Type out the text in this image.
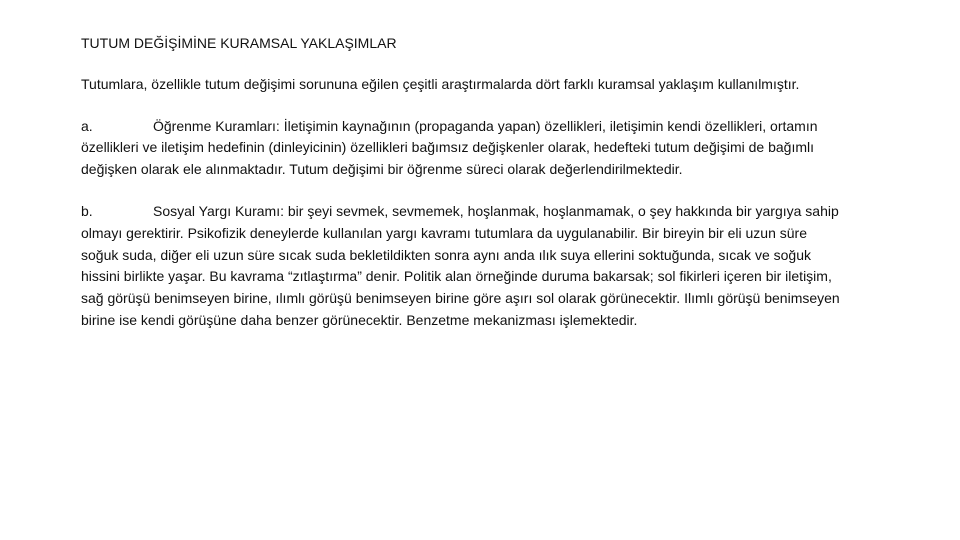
TUTUM DEĞİŞİMİNE KURAMSAL YAKLAŞIMLAR

Tutumlara, özellikle tutum değişimi sorununa eğilen çeşitli araştırmalarda dört farklı kuramsal yaklaşım kullanılmıştır.

a.	Öğrenme Kuramları: İletişimin kaynağının (propaganda yapan) özellikleri, iletişimin kendi özellikleri, ortamın özellikleri ve iletişim hedefinin (dinleyicinin) özellikleri bağımsız değişkenler olarak, hedefteki tutum değişimi de bağımlı değişken olarak ele alınmaktadır. Tutum değişimi bir öğrenme süreci olarak değerlendirilmektedir.

b.	Sosyal Yargı Kuramı: bir şeyi sevmek, sevmemek, hoşlanmak, hoşlanmamak, o şey hakkında bir yargıya sahip olmayı gerektirir. Psikofizik deneylerde kullanılan yargı kavramı tutumlara da uygulanabilir. Bir bireyin bir eli uzun süre soğuk suda, diğer eli uzun süre sıcak suda bekletildikten sonra aynı anda ılık suya ellerini soktuğunda, sıcak ve soğuk hissini birlikte yaşar. Bu kavrama “zıtlaştırma” denir. Politik alan örneğinde duruma bakarsak; sol fikirleri içeren bir iletişim, sağ görüşü benimseyen birine, ılımlı görüşü benimseyen birine göre aşırı sol olarak görünecektir. Ilımlı görüşü benimseyen birine ise kendi görüşüne daha benzer görünecektir. Benzetme mekanizması işlemektedir.
